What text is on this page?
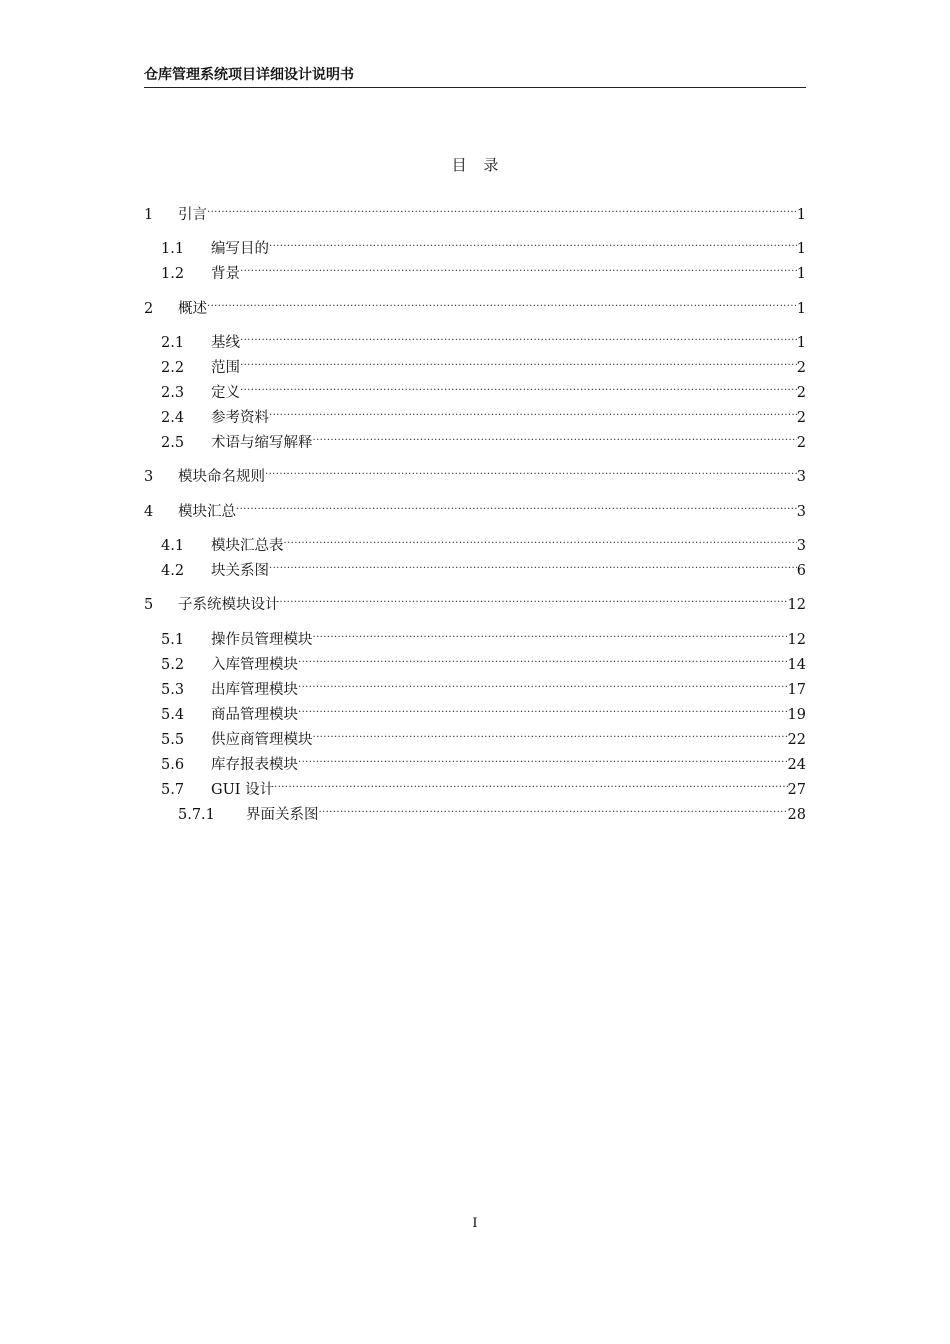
仓库管理系统项目详细设计说明书
目 录
1	引言 .....	1
1.1	编写目的 .....	1
1.2	背景 .....	1
2	概述 .....	1
2.1	基线 .....	1
2.2	范围 .....	2
2.3	定义 .....	2
2.4	参考资料 .....	2
2.5	术语与缩写解释 .....	2
3	模块命名规则 .....	3
4	模块汇总 .....	3
4.1	模块汇总表 .....	3
4.2	块关系图 .....	6
5	子系统模块设计 .....	12
5.1	操作员管理模块 .....	12
5.2	入库管理模块 .....	14
5.3	出库管理模块 .....	17
5.4	商品管理模块 .....	19
5.5	供应商管理模块 .....	22
5.6	库存报表模块 .....	24
5.7	GUI 设计 .....	27
5.7.1	界面关系图 .....	28
I
